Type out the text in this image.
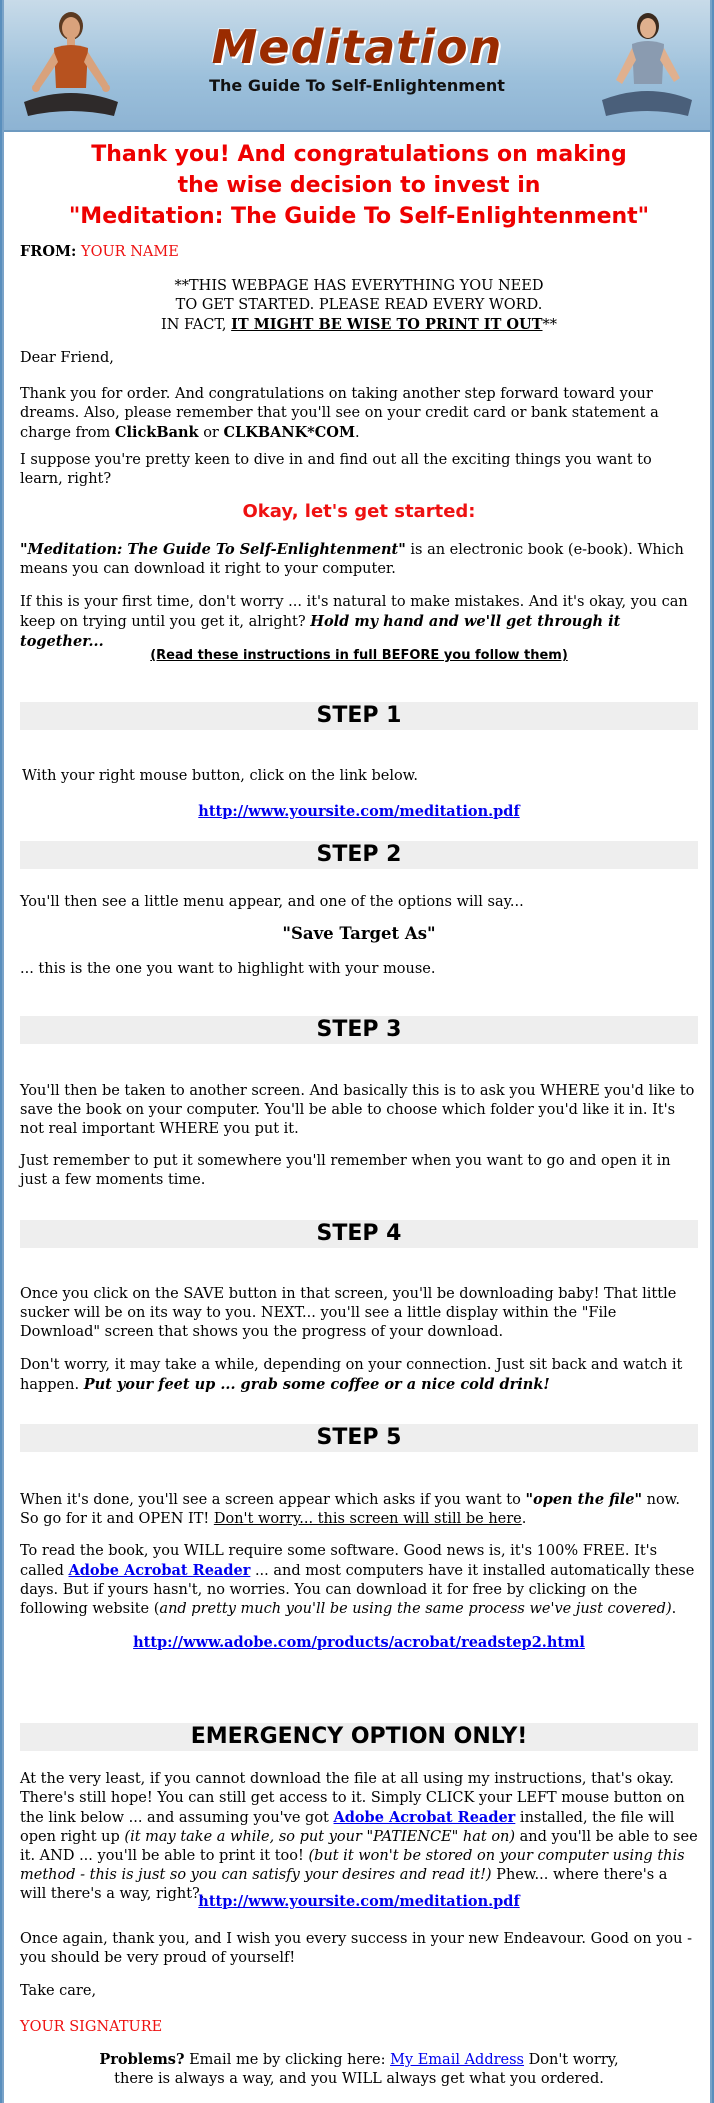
Meditation
The Guide To Self-Enlightenment
Thank you! And congratulations on making
the wise decision to invest in
"Meditation: The Guide To Self-Enlightenment"
FROM: YOUR NAME
**THIS WEBPAGE HAS EVERYTHING YOU NEED
TO GET STARTED. PLEASE READ EVERY WORD.
IN FACT, IT MIGHT BE WISE TO PRINT IT OUT**

Dear Friend,

Thank you for order. And congratulations on taking another step forward toward your dreams. Also, please remember that you'll see on your credit card or bank statement a charge from ClickBank or CLKBANK*COM.

I suppose you're pretty keen to dive in and find out all the exciting things you want to learn, right?

Okay, let's get started:

"Meditation: The Guide To Self-Enlightenment" is an electronic book (e-book). Which means you can download it right to your computer.

If this is your first time, don't worry ... it's natural to make mistakes. And it's okay, you can keep on trying until you get it, alright? Hold my hand and we'll get through it together...

(Read these instructions in full BEFORE you follow them)
STEP 1

With your right mouse button, click on the link below.

http://www.yoursite.com/meditation.pdf
STEP 2

You'll then see a little menu appear, and one of the options will say...

"Save Target As"

... this is the one you want to highlight with your mouse.

STEP 3

You'll then be taken to another screen. And basically this is to ask you WHERE you'd like to save the book on your computer. You'll be able to choose which folder you'd like it in. It's not real important WHERE you put it.

Just remember to put it somewhere you'll remember when you want to go and open it in just a few moments time.

STEP 4

Once you click on the SAVE button in that screen, you'll be downloading baby! That little sucker will be on its way to you. NEXT... you'll see a little display within the "File Download" screen that shows you the progress of your download.

Don't worry, it may take a while, depending on your connection. Just sit back and watch it happen. Put your feet up ... grab some coffee or a nice cold drink!

STEP 5

When it's done, you'll see a screen appear which asks if you want to "open the file" now. So go for it and OPEN IT! Don't worry... this screen will still be here.

To read the book, you WILL require some software. Good news is, it's 100% FREE. It's called Adobe Acrobat Reader ... and most computers have it installed automatically these days. But if yours hasn't, no worries. You can download it for free by clicking on the following website (and pretty much you'll be using the same process we've just covered).

http://www.adobe.com/products/acrobat/readstep2.html
EMERGENCY OPTION ONLY!

At the very least, if you cannot download the file at all using my instructions, that's okay. There's still hope! You can still get access to it. Simply CLICK your LEFT mouse button on the link below ... and assuming you've got Adobe Acrobat Reader installed, the file will open right up (it may take a while, so put your "PATIENCE" hat on) and you'll be able to see it. AND ... you'll be able to print it too! (but it won't be stored on your computer using this method - this is just so you can satisfy your desires and read it!) Phew... where there's a will there's a way, right?.

http://www.yoursite.com/meditation.pdf

Once again, thank you, and I wish you every success in your new Endeavour. Good on you - you should be very proud of yourself!

Take care,

YOUR SIGNATURE

Problems? Email me by clicking here: My Email Address Don't worry,
there is always a way, and you WILL always get what you ordered.
